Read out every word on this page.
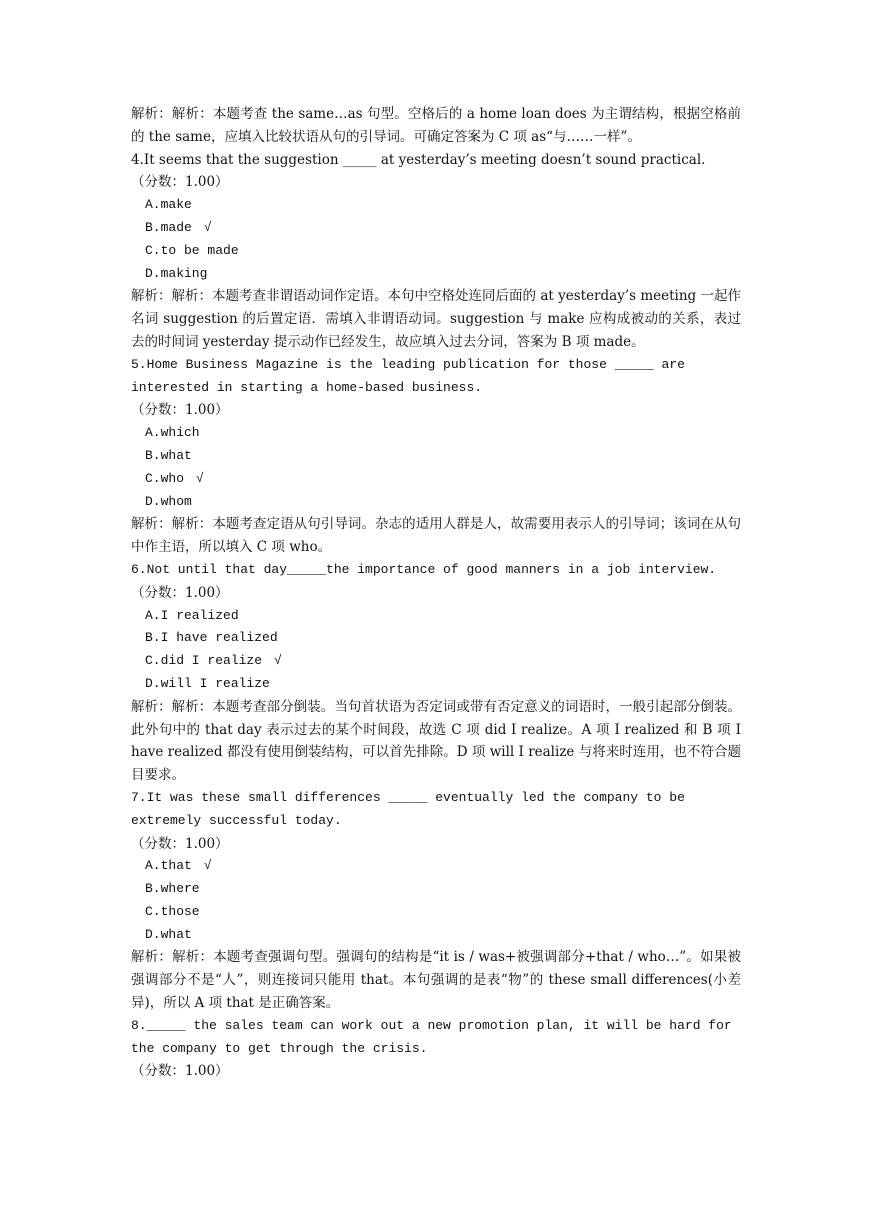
解析：解析：本题考查 the same…as 句型。空格后的 a home loan does 为主谓结构，根据空格前的 the same，应填入比较状语从句的引导词。可确定答案为 C 项 as“与……一样”。

4.It seems that the suggestion _____ at yesterday’s meeting doesn’t sound practical.

（分数：1.00）

A.make

B.made √

C.to be made

D.making

解析：解析：本题考查非谓语动词作定语。本句中空格处连同后面的 at yesterday’s meeting 一起作名词 suggestion 的后置定语．需填入非谓语动词。suggestion 与 make 应构成被动的关系，表过去的时间词 yesterday 提示动作已经发生，故应填入过去分词，答案为 B 项 made。

5.Home Business Magazine is the leading publication for those _____ are interested in starting a home-based business.

（分数：1.00）

A.which

B.what

C.who √

D.whom

解析：解析：本题考查定语从句引导词。杂志的适用人群是人，故需要用表示人的引导词；该词在从句中作主语，所以填入 C 项 who。

6.Not until that day_____the importance of good manners in a job interview.

（分数：1.00）

A.I realized

B.I have realized

C.did I realize √

D.will I realize

解析：解析：本题考查部分倒装。当句首状语为否定词或带有否定意义的词语时，一般引起部分倒装。此外句中的 that day 表示过去的某个时间段，故选 C 项 did I realize。A 项 I realized 和 B 项 I have realized 都没有使用倒装结构，可以首先排除。D 项 will I realize 与将来时连用，也不符合题目要求。

7.It was these small differences _____ eventually led the company to be extremely successful today.

（分数：1.00）

A.that √

B.where

C.those

D.what

解析：解析：本题考查强调句型。强调句的结构是“it is / was+被强调部分+that / who…”。如果被强调部分不是“人”，则连接词只能用 that。本句强调的是表“物”的 these small differences(小差异)，所以 A 项 that 是正确答案。

8._____ the sales team can work out a new promotion plan, it will be hard for the company to get through the crisis.

（分数：1.00）
